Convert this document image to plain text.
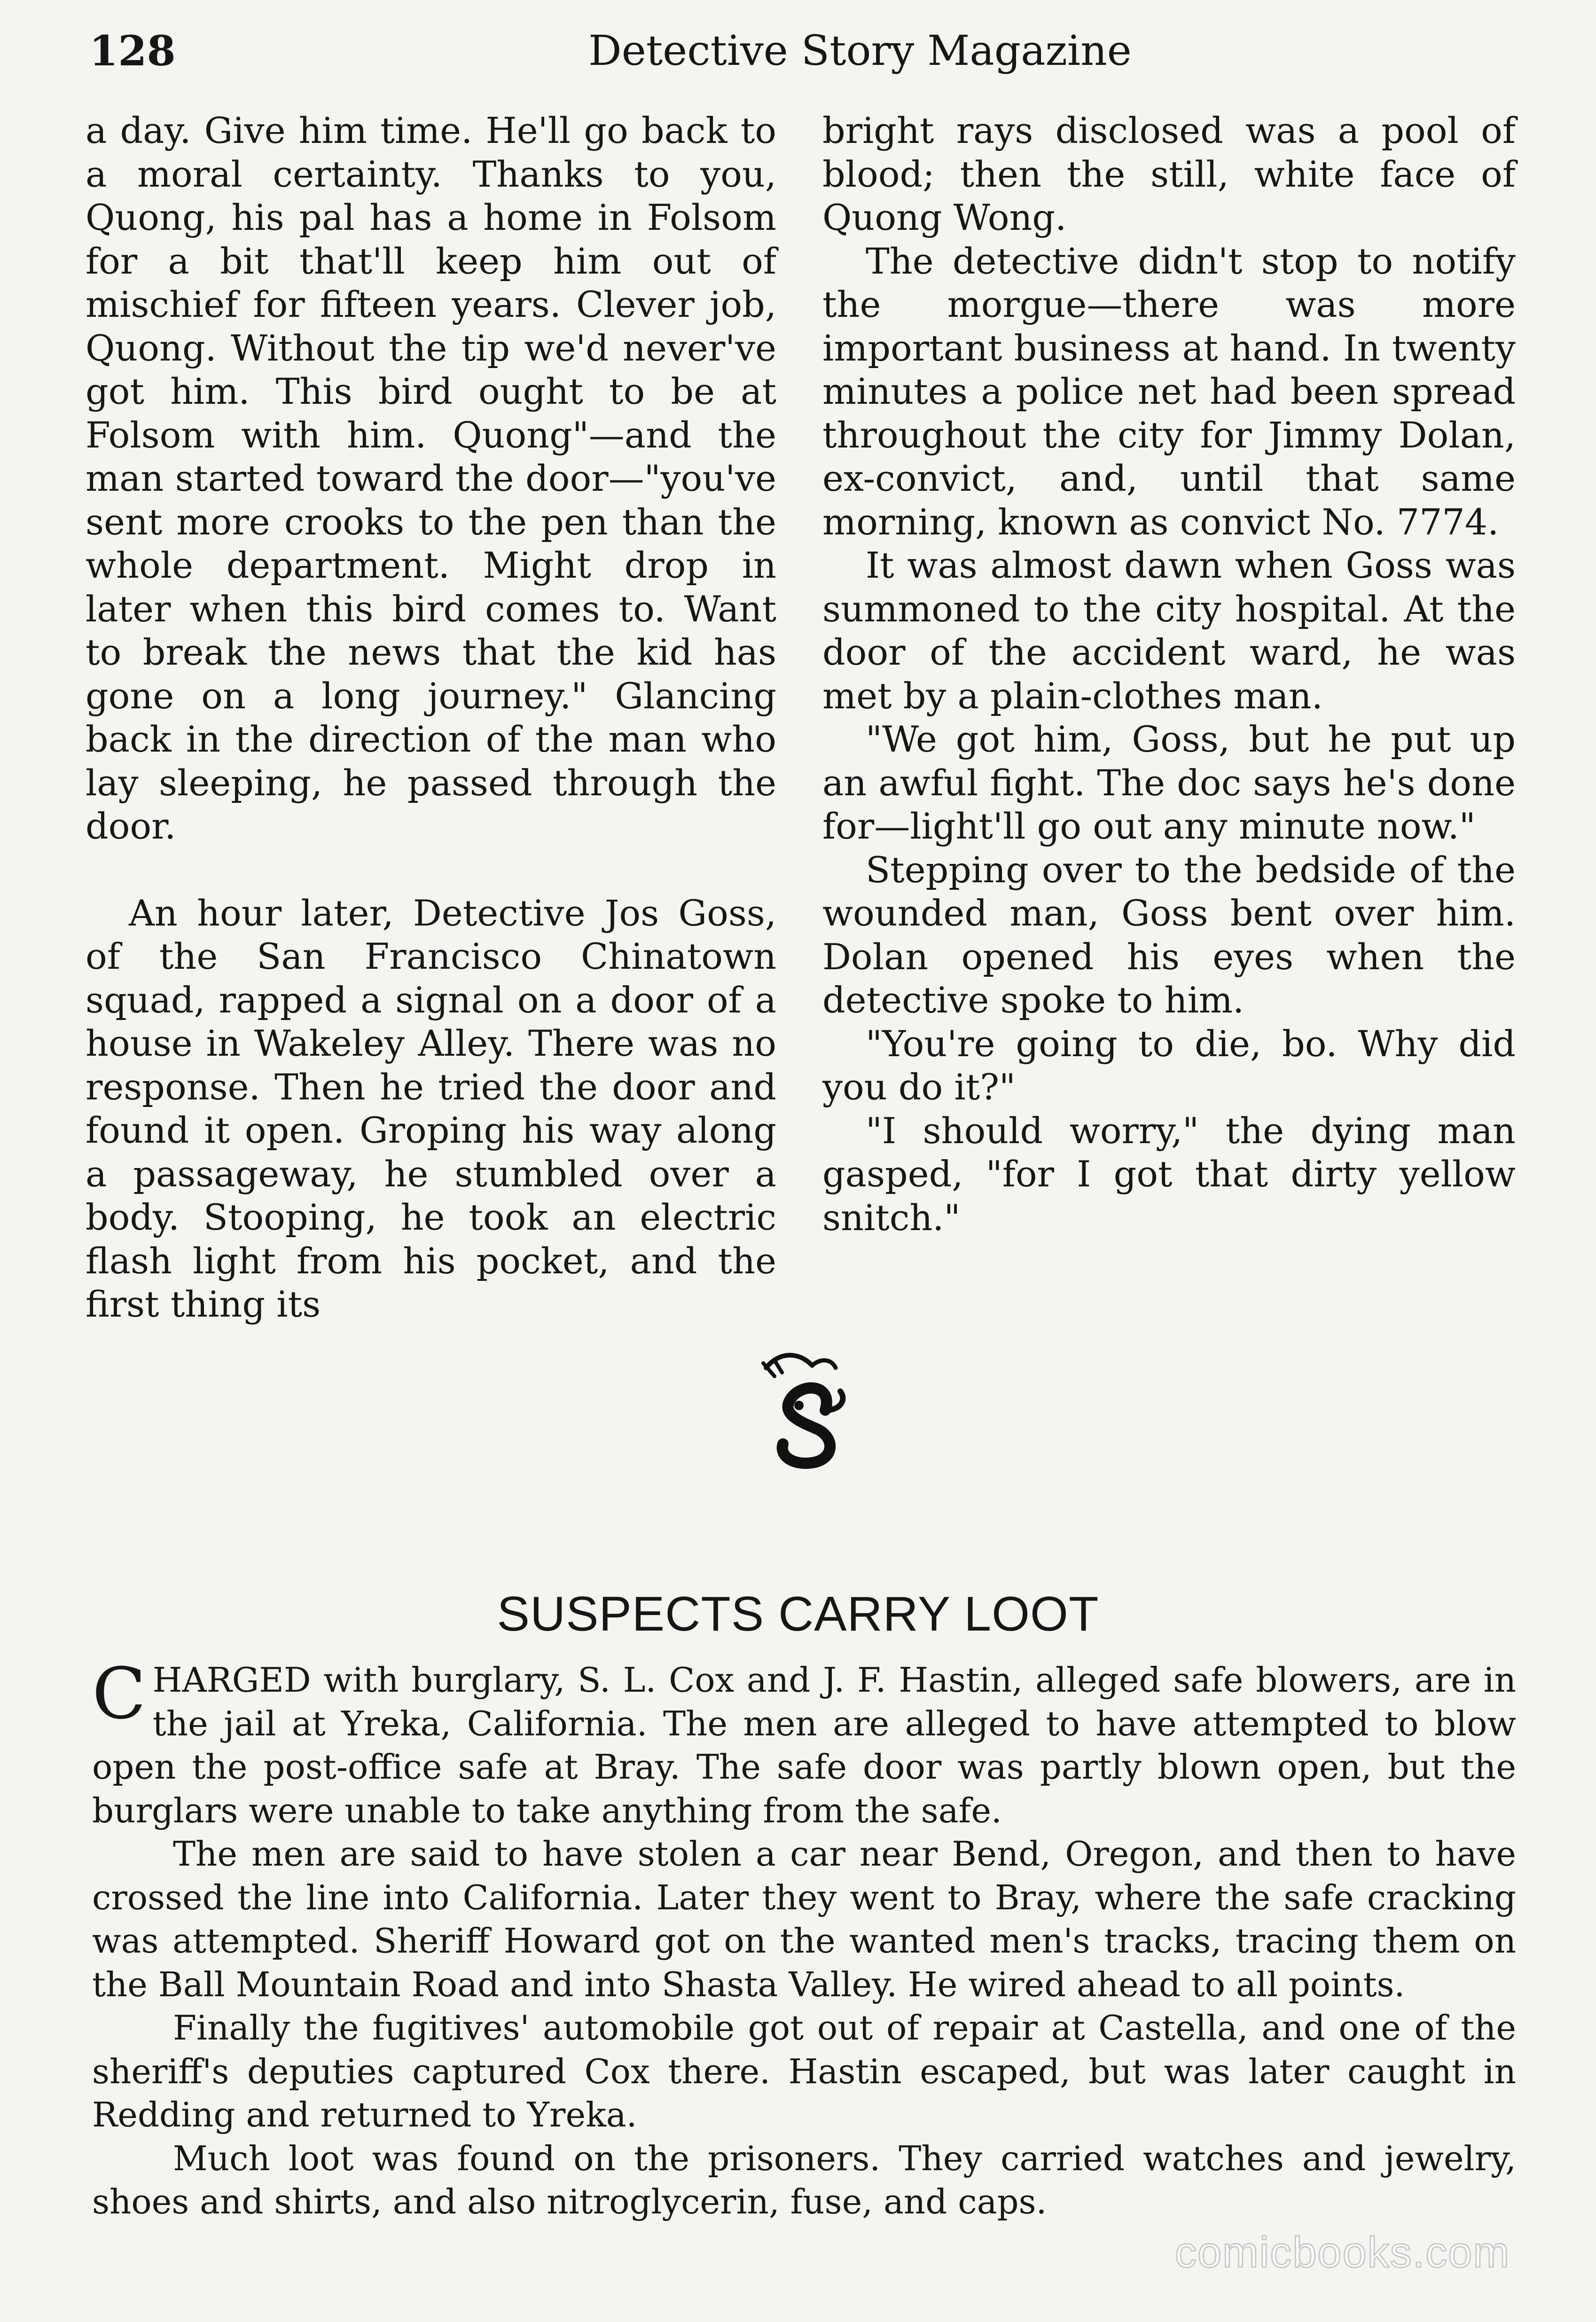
128	Detective Story Magazine

a day. Give him time. He'll go back to a moral certainty. Thanks to you, Quong, his pal has a home in Folsom for a bit that'll keep him out of mischief for fifteen years. Clever job, Quong. Without the tip we'd never've got him. This bird ought to be at Folsom with him. Quong"—and the man started toward the door—"you've sent more crooks to the pen than the whole department. Might drop in later when this bird comes to. Want to break the news that the kid has gone on a long journey." Glancing back in the direction of the man who lay sleeping, he passed through the door.

An hour later, Detective Jos Goss, of the San Francisco Chinatown squad, rapped a signal on a door of a house in Wakeley Alley. There was no response. Then he tried the door and found it open. Groping his way along a passageway, he stumbled over a body. Stooping, he took an electric flash light from his pocket, and the first thing its

bright rays disclosed was a pool of blood; then the still, white face of Quong Wong.

The detective didn't stop to notify the morgue—there was more important business at hand. In twenty minutes a police net had been spread throughout the city for Jimmy Dolan, ex-convict, and, until that same morning, known as convict No. 7774.

It was almost dawn when Goss was summoned to the city hospital. At the door of the accident ward, he was met by a plain-clothes man.

"We got him, Goss, but he put up an awful fight. The doc says he's done for—light'll go out any minute now."

Stepping over to the bedside of the wounded man, Goss bent over him. Dolan opened his eyes when the detective spoke to him.

"You're going to die, bo. Why did you do it?"

"I should worry," the dying man gasped, "for I got that dirty yellow snitch."

SUSPECTS CARRY LOOT

CHARGED with burglary, S. L. Cox and J. F. Hastin, alleged safe blowers, are in the jail at Yreka, California. The men are alleged to have attempted to blow open the post-office safe at Bray. The safe door was partly blown open, but the burglars were unable to take anything from the safe.

The men are said to have stolen a car near Bend, Oregon, and then to have crossed the line into California. Later they went to Bray, where the safe cracking was attempted. Sheriff Howard got on the wanted men's tracks, tracing them on the Ball Mountain Road and into Shasta Valley. He wired ahead to all points.

Finally the fugitives' automobile got out of repair at Castella, and one of the sheriff's deputies captured Cox there. Hastin escaped, but was later caught in Redding and returned to Yreka.

Much loot was found on the prisoners. They carried watches and jewelry, shoes and shirts, and also nitroglycerin, fuse, and caps.

comicbooks.com
